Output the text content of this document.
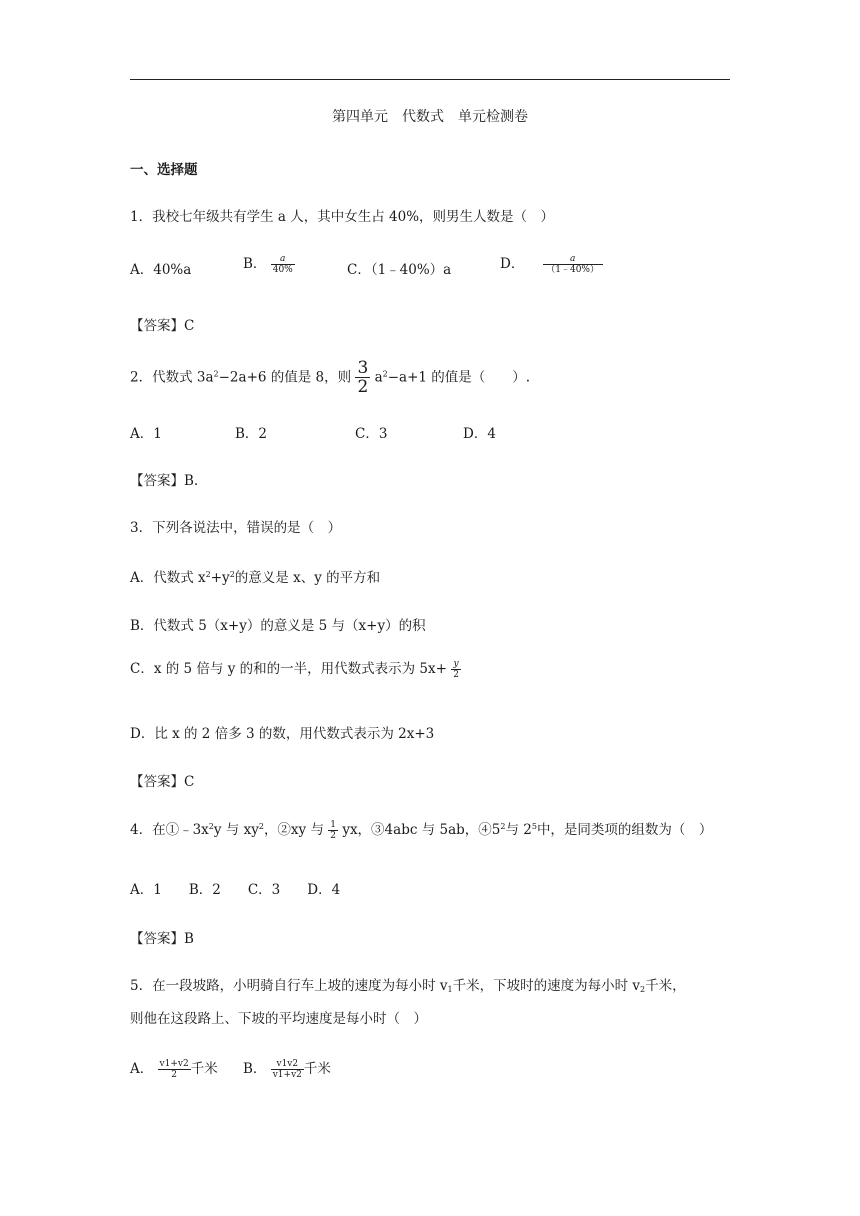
第四单元　代数式　单元检测卷
一、选择题
1．我校七年级共有学生 a 人，其中女生占 40%，则男生人数是（　）
A．40%a	B． $\frac{a}{40\%}$	C．（1﹣40%）a	D． $\frac{a}{(1﹣40\%)}$
【答案】C
2．代数式 $3a^2-2a+6$ 的值是 8，则 $\frac{3}{2} a^2-a+1$ 的值是（　　）.
A．1	B．2	C．3	D．4
【答案】B.
3．下列各说法中，错误的是（　）
A．代数式 $x^2+y^2$的意义是 x、y 的平方和
B．代数式 5（x+y）的意义是 5 与（x+y）的积
C．x 的 5 倍与 y 的和的一半，用代数式表示为 $5x+ \frac{y}{2}$
D．比 x 的 2 倍多 3 的数，用代数式表示为 2x+3
【答案】C
4．在$①﹣3x^2y$ 与 $xy^2$，②xy 与 $\frac{1}{2}$ yx，③4abc 与 5ab，$④5^2$与 $2^5$中，是同类项的组数为（　）
A．1　　B．2　　C．3　　D．4
【答案】B
5．在一段坡路，小明骑自行车上坡的速度为每小时 $v_1$千米，下坡时的速度为每小时 $v_2$千米，
则他在这段路上、下坡的平均速度是每小时（　）
A． $\frac{v1+v2}{2}$ 千米 B． $\frac{v1v2}{v1+v2}$ 千米
